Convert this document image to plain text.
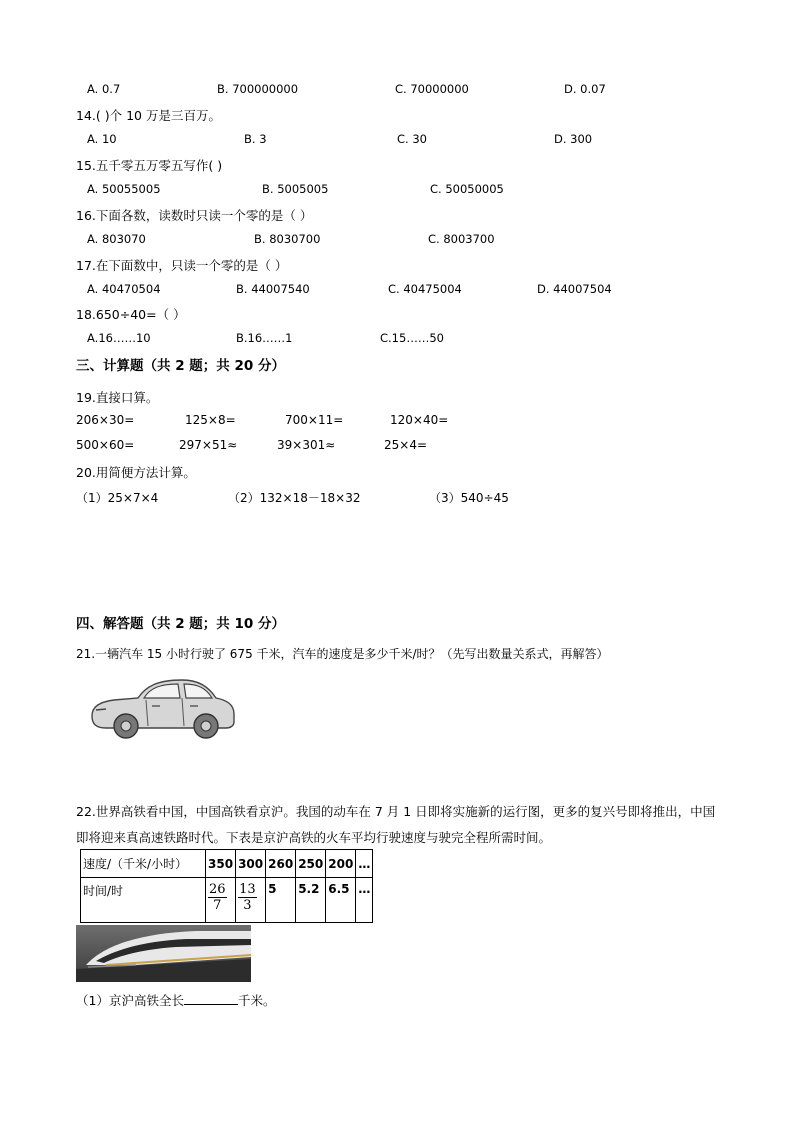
A. 0.7	B. 700000000	C. 70000000	D. 0.07
14.( )个 10 万是三百万。
A. 10	B. 3	C. 30	D. 300
15.五千零五万零五写作( )
A. 50055005	B. 5005005	C. 50050005
16.下面各数，读数时只读一个零的是（ ）
A. 803070	B. 8030700	C. 8003700
17.在下面数中，只读一个零的是（ ）
A. 40470504	B. 44007540	C. 40475004	D. 44007504
18.650÷40=（ ）
A.16……10	B.16……1	C.15……50
三、计算题（共 2 题；共 20 分）
19.直接口算。
206×30=	125×8=	700×11=	120×40=
500×60=	297×51≈	39×301≈	25×4=
20.用简便方法计算。
（1）25×7×4	（2）132×18－18×32	（3）540÷45
四、解答题（共 2 题；共 10 分）
21.一辆汽车 15 小时行驶了 675 千米，汽车的速度是多少千米/时？（先写出数量关系式，再解答）
22.世界高铁看中国，中国高铁看京沪。我国的动车在 7 月 1 日即将实施新的运行图，更多的复兴号即将推出，中国即将迎来真高速铁路时代。下表是京沪高铁的火车平均行驶速度与驶完全程所需时间。
速度/（千米/小时）	350	300	260	250	200	…
时间/时	$\frac{26}{7}$	$\frac{13}{3}$	5	5.2	6.5	…
（1）京沪高铁全长	千米。
